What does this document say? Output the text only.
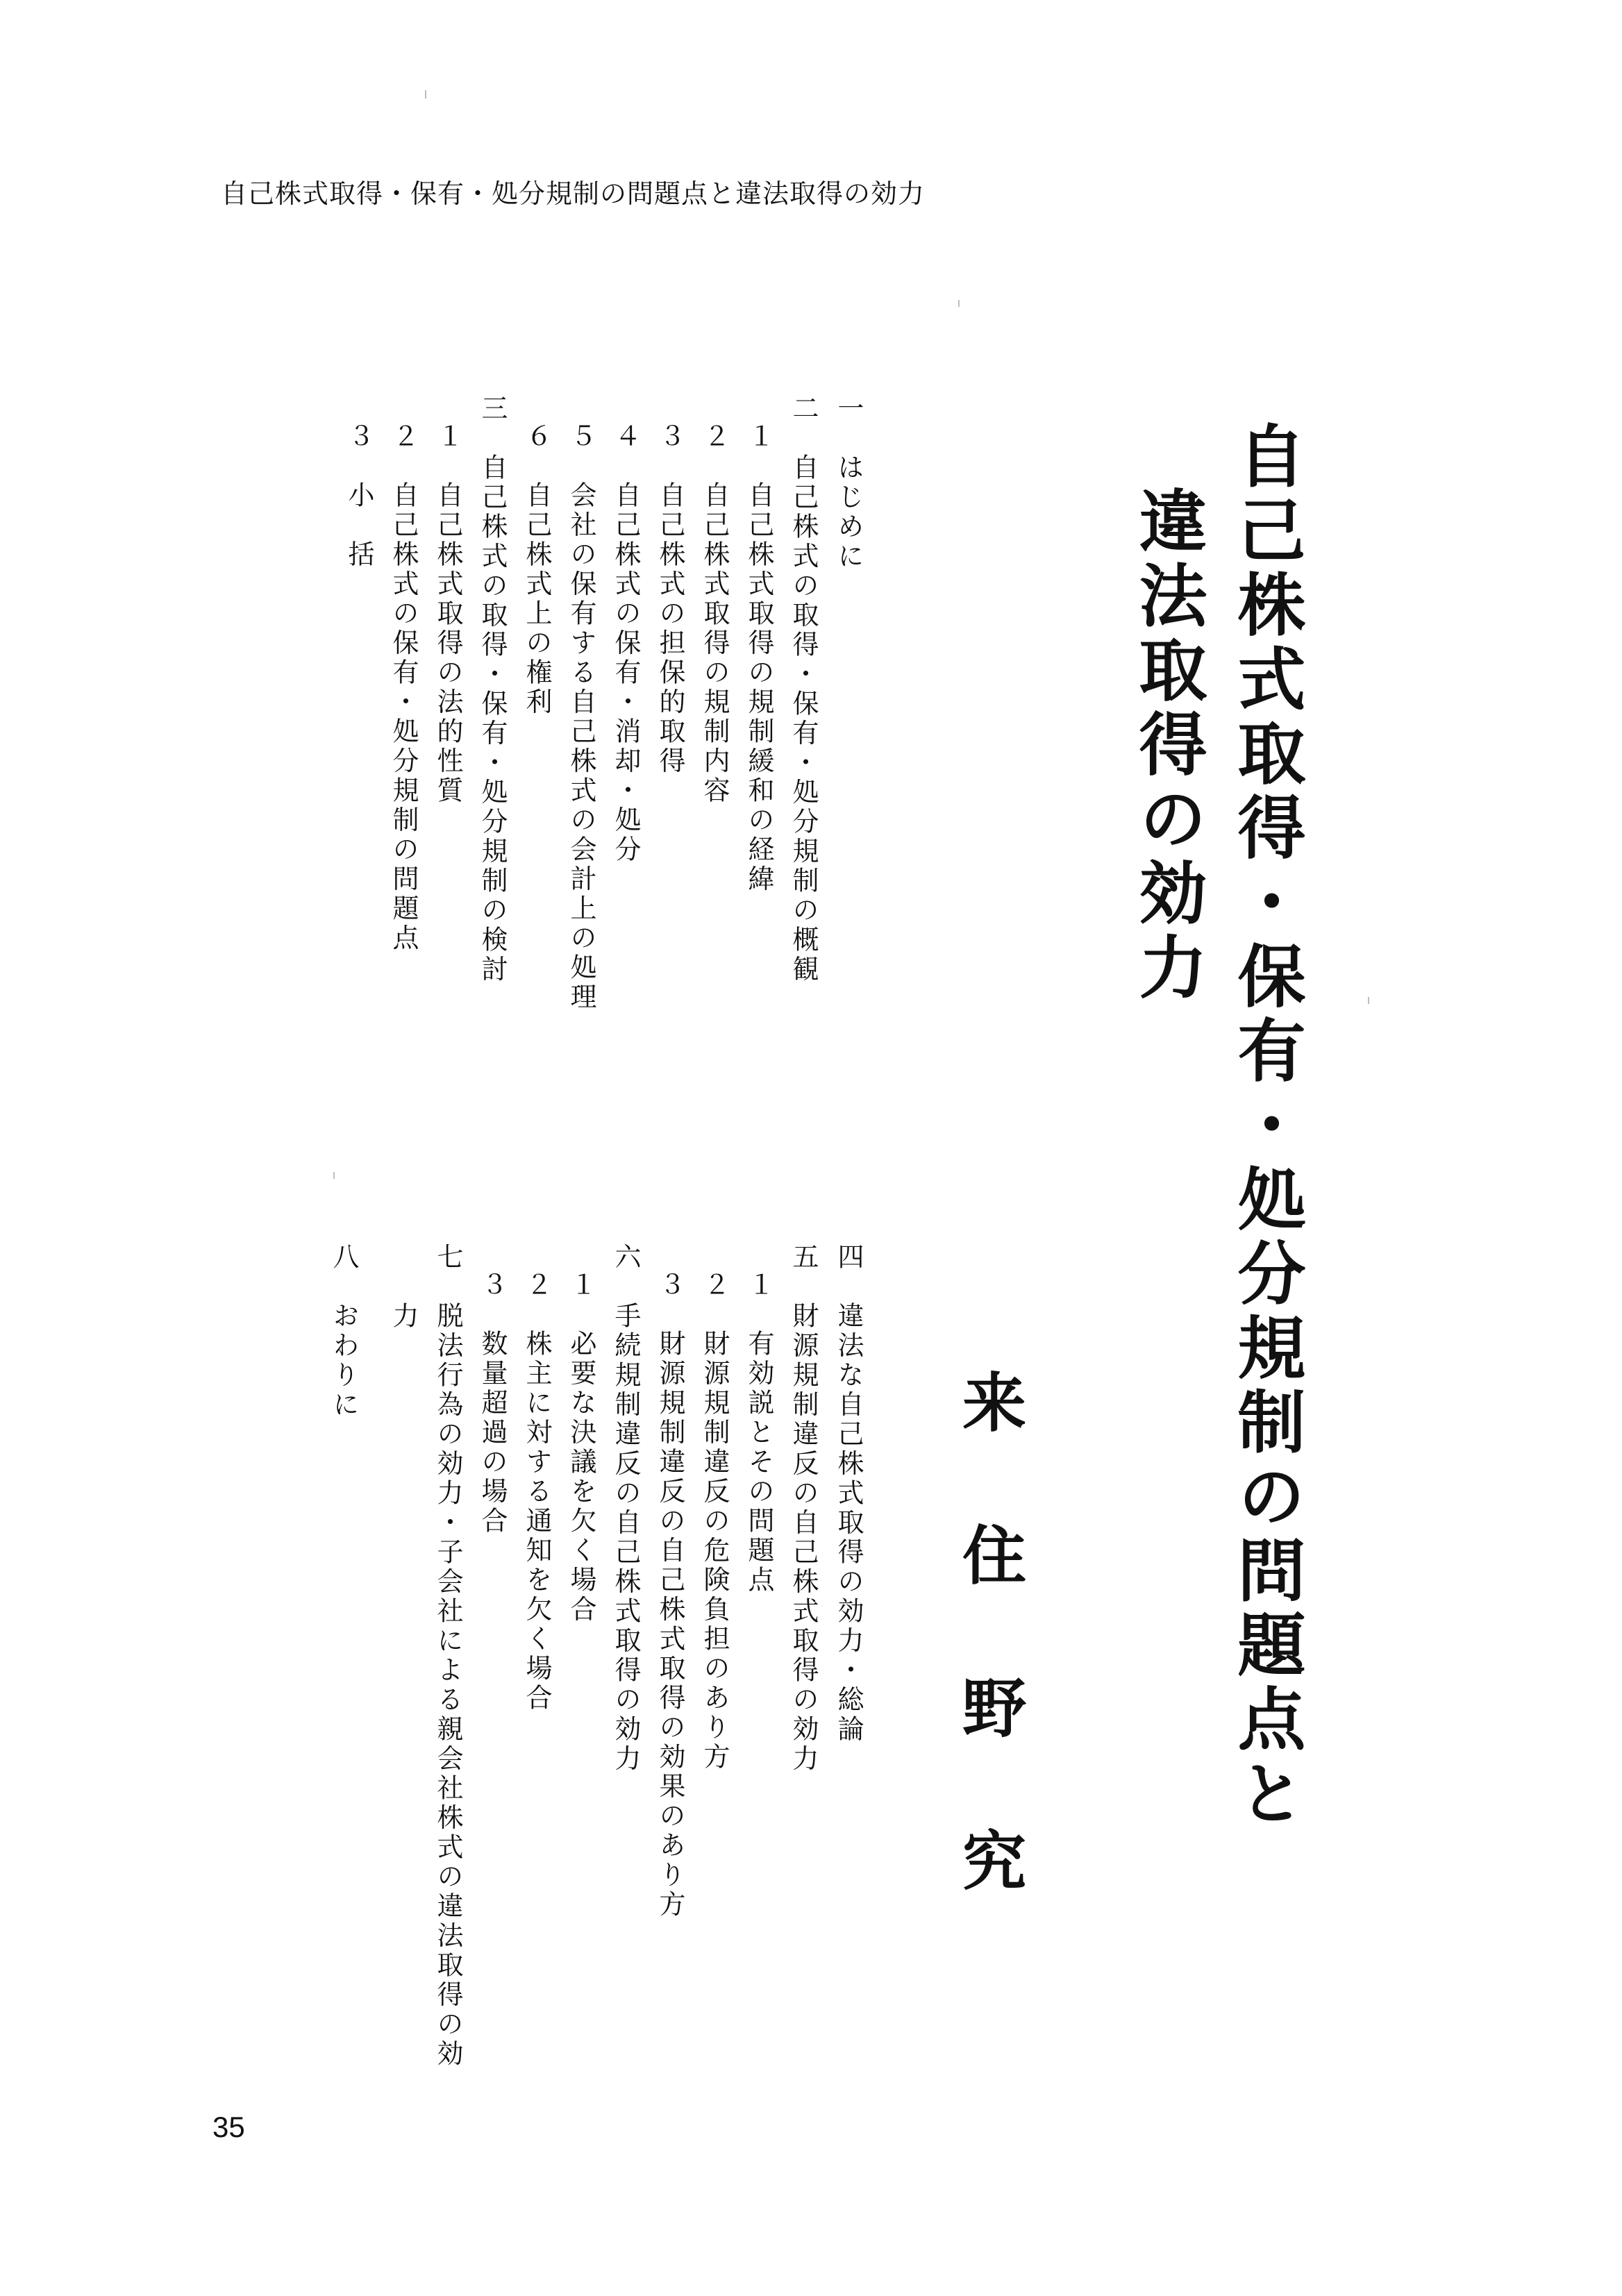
自己株式取得・保有・処分規制の問題点と違法取得の効力
自己株式取得・保有・処分規制の問題点と
違法取得の効力
来住野究
一　はじめに
二　自己株式の取得・保有・処分規制の概観
１　自己株式取得の規制緩和の経緯
２　自己株式取得の規制内容
３　自己株式の担保的取得
４　自己株式の保有・消却・処分
５　会社の保有する自己株式の会計上の処理
６　自己株式上の権利
三　自己株式の取得・保有・処分規制の検討
１　自己株式取得の法的性質
２　自己株式の保有・処分規制の問題点
３　小　括
四　違法な自己株式取得の効力・総論
五　財源規制違反の自己株式取得の効力
１　有効説とその問題点
２　財源規制違反の危険負担のあり方
３　財源規制違反の自己株式取得の効果のあり方
六　手続規制違反の自己株式取得の効力
１　必要な決議を欠く場合
２　株主に対する通知を欠く場合
３　数量超過の場合
七　脱法行為の効力・子会社による親会社株式の違法取得の効
　　力
八　おわりに
35
